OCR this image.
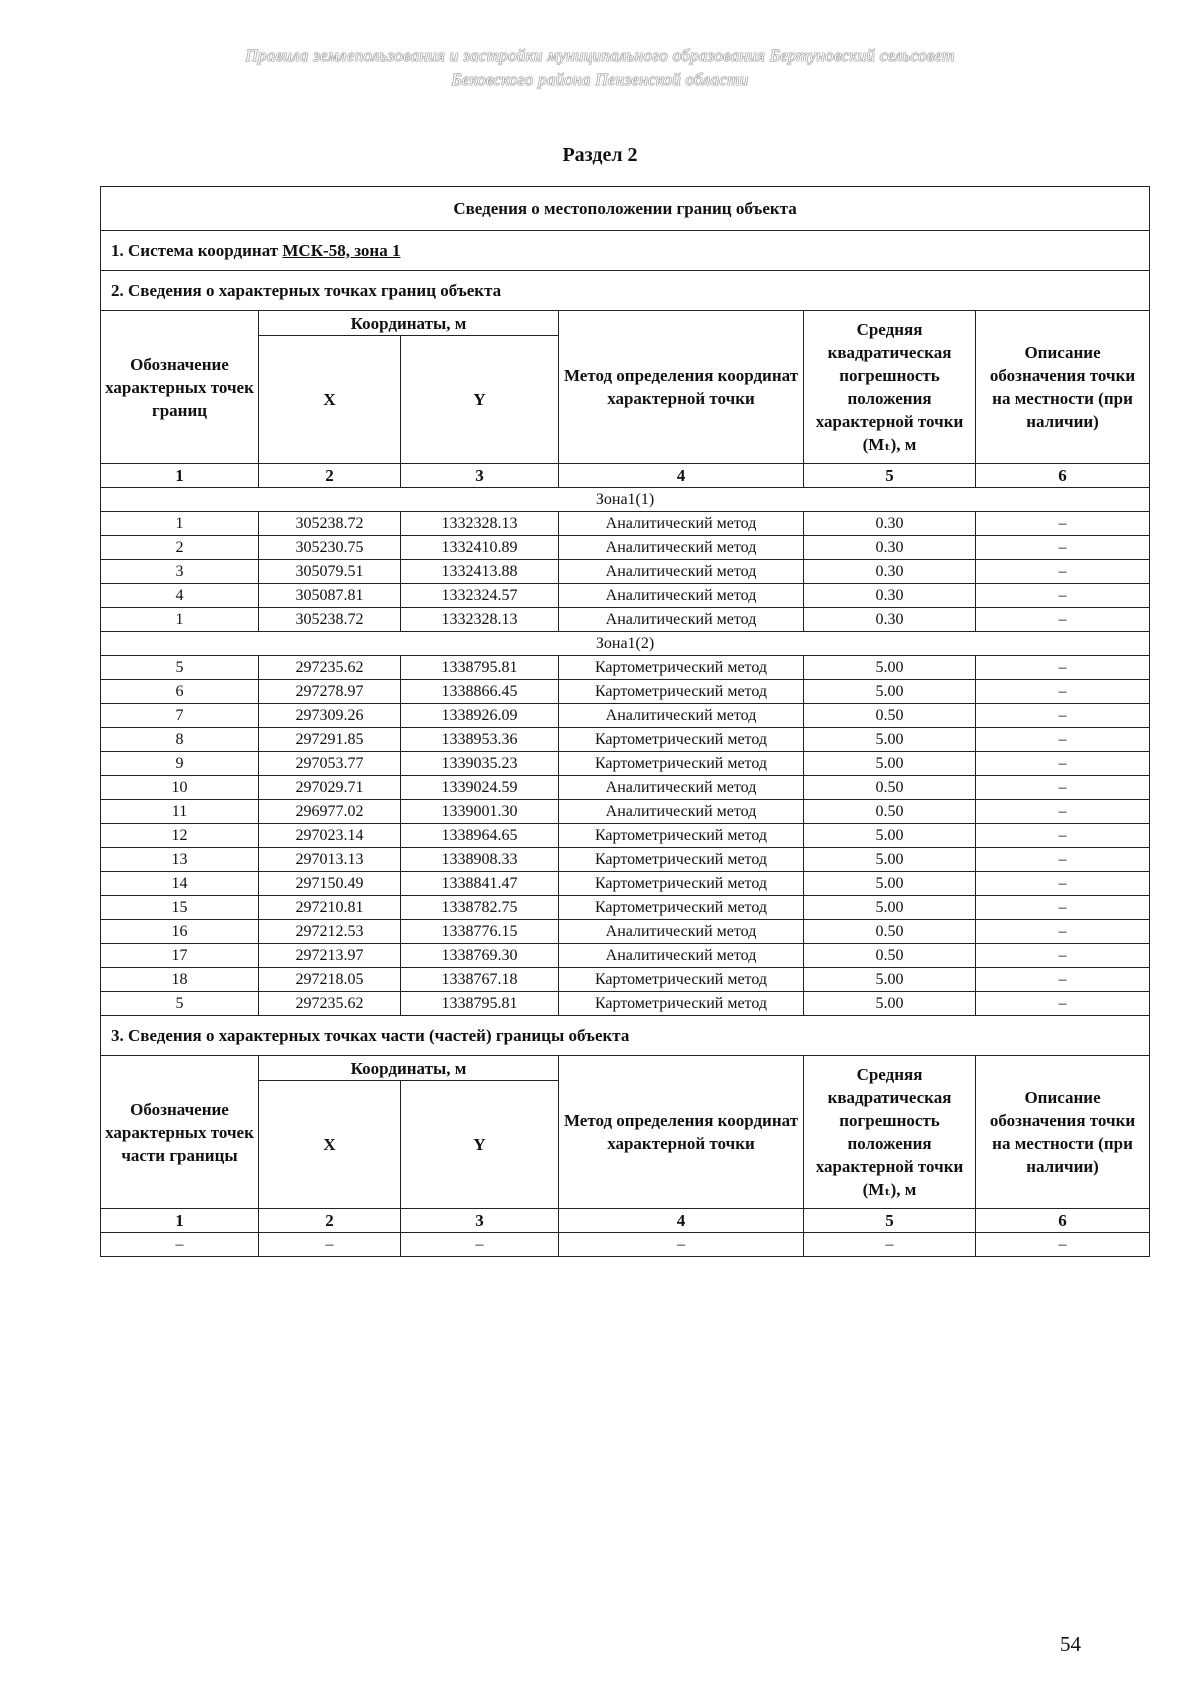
Правила землепользования и застройки муниципального образования Бертуновский сельсовет
Бековского района Пензенской области
Раздел 2
Сведения о местоположении границ объекта					
1. Система координат МСК-58, зона 1					
2. Сведения о характерных точках границ объекта					
Обозначение характерных точек границ	Координаты, м		Метод определения координат характерной точки	Средняя квадратическая погрешность положения характерной точки (Mₜ), м	Описание обозначения точки на местности (при наличии)
	X	Y			
1	2	3	4	5	6
Зона1(1)					
1	305238.72	1332328.13	Аналитический метод	0.30	–
2	305230.75	1332410.89	Аналитический метод	0.30	–
3	305079.51	1332413.88	Аналитический метод	0.30	–
4	305087.81	1332324.57	Аналитический метод	0.30	–
1	305238.72	1332328.13	Аналитический метод	0.30	–
Зона1(2)					
5	297235.62	1338795.81	Картометрический метод	5.00	–
6	297278.97	1338866.45	Картометрический метод	5.00	–
7	297309.26	1338926.09	Аналитический метод	0.50	–
8	297291.85	1338953.36	Картометрический метод	5.00	–
9	297053.77	1339035.23	Картометрический метод	5.00	–
10	297029.71	1339024.59	Аналитический метод	0.50	–
11	296977.02	1339001.30	Аналитический метод	0.50	–
12	297023.14	1338964.65	Картометрический метод	5.00	–
13	297013.13	1338908.33	Картометрический метод	5.00	–
14	297150.49	1338841.47	Картометрический метод	5.00	–
15	297210.81	1338782.75	Картометрический метод	5.00	–
16	297212.53	1338776.15	Аналитический метод	0.50	–
17	297213.97	1338769.30	Аналитический метод	0.50	–
18	297218.05	1338767.18	Картометрический метод	5.00	–
5	297235.62	1338795.81	Картометрический метод	5.00	–
3. Сведения о характерных точках части (частей) границы объекта					
Обозначение характерных точек части границы	Координаты, м		Метод определения координат характерной точки	Средняя квадратическая погрешность положения характерной точки (Mₜ), м	Описание обозначения точки на местности (при наличии)
	X	Y			
1	2	3	4	5	6
–	–	–	–	–	–
54
